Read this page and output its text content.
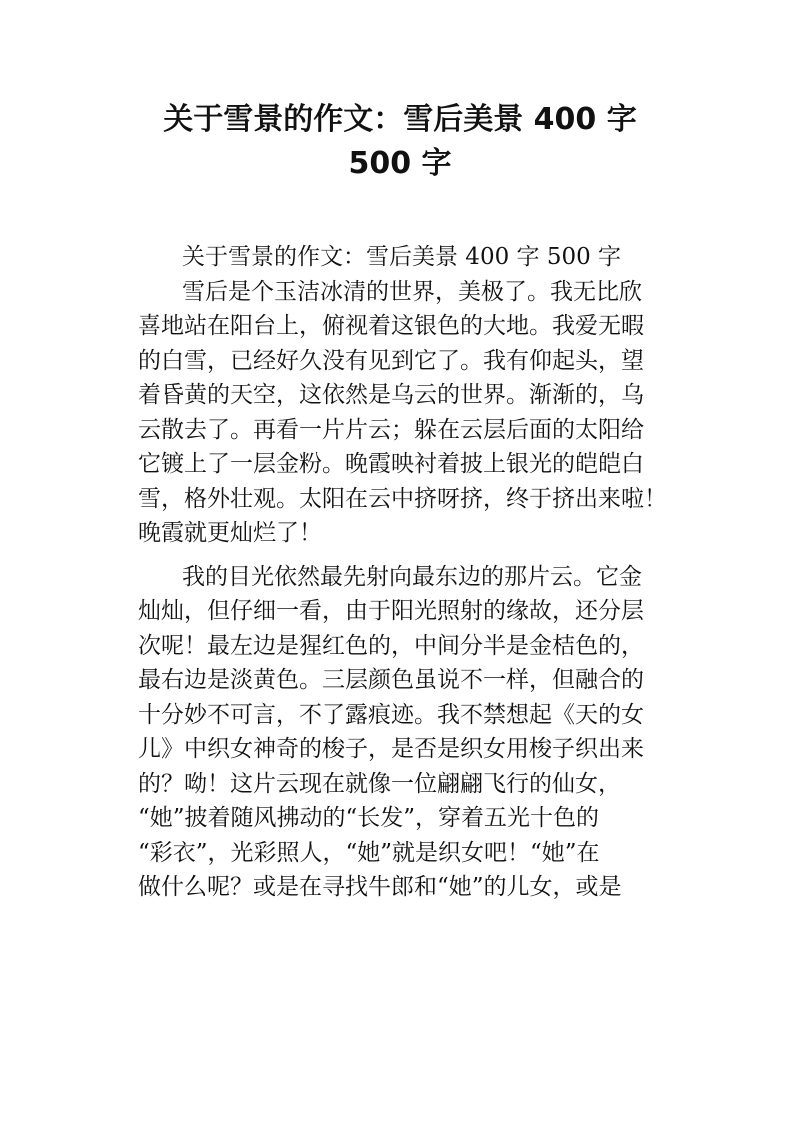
关于雪景的作文：雪后美景 400 字
500 字
关于雪景的作文：雪后美景 400 字 500 字
雪后是个玉洁冰清的世界，美极了。我无比欣
喜地站在阳台上，俯视着这银色的大地。我爱无暇
的白雪，已经好久没有见到它了。我有仰起头，望
着昏黄的天空，这依然是乌云的世界。渐渐的，乌
云散去了。再看一片片云；躲在云层后面的太阳给
它镀上了一层金粉。晚霞映衬着披上银光的皑皑白
雪，格外壮观。太阳在云中挤呀挤，终于挤出来啦！
晚霞就更灿烂了！
我的目光依然最先射向最东边的那片云。它金
灿灿，但仔细一看，由于阳光照射的缘故，还分层
次呢！最左边是猩红色的，中间分半是金桔色的，
最右边是淡黄色。三层颜色虽说不一样，但融合的
十分妙不可言，不了露痕迹。我不禁想起《天的女
儿》中织女神奇的梭子，是否是织女用梭子织出来
的？呦！这片云现在就像一位翩翩飞行的仙女，
“她”披着随风拂动的“长发”，穿着五光十色的
“彩衣”，光彩照人，“她”就是织女吧！“她”在
做什么呢？或是在寻找牛郎和“她”的儿女，或是
